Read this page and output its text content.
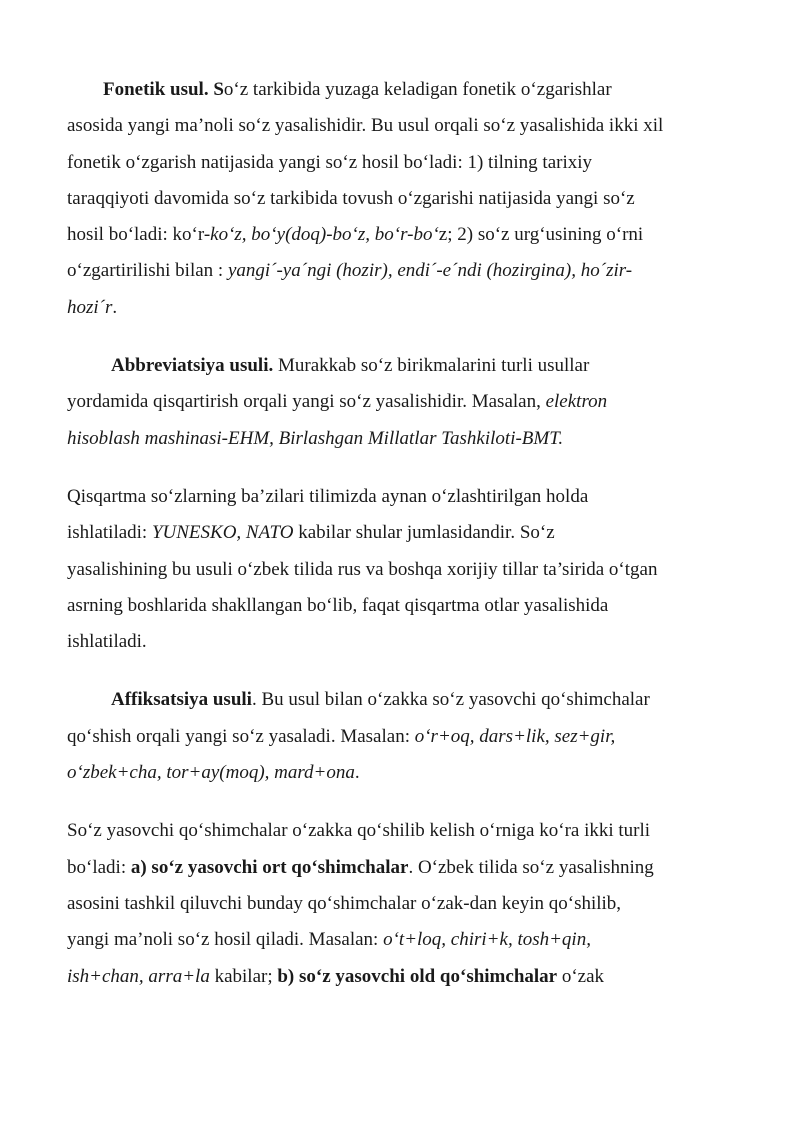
Fonetik usul. So‘z tarkibida yuzaga keladigan fonetik o‘zgarishlar
asosida yangi ma’noli so‘z yasalishidir. Bu usul orqali so‘z yasalishida ikki xil
fonetik o‘zgarish natijasida yangi so‘z hosil bo‘ladi: 1) tilning tarixiy
taraqqiyoti davomida so‘z tarkibida tovush o‘zgarishi natijasida yangi so‘z
hosil bo‘ladi: ko‘r-ko‘z, bo‘y(doq)-bo‘z, bo‘r-bo‘z; 2) so‘z urg‘usining o‘rni
o‘zgartirilishi bilan : yangi´-ya´ngi (hozir), endi´-e´ndi (hozirgina), ho´zir-
hozi´r.
Abbreviatsiya usuli. Murakkab so‘z birikmalarini turli usullar
yordamida qisqartirish orqali yangi so‘z yasalishidir. Masalan, elektron
hisoblash mashinasi-EHM, Birlashgan Millatlar Tashkiloti-BMT.
Qisqartma so‘zlarning ba’zilari tilimizda aynan o‘zlashtirilgan holda
ishlatiladi: YUNESKO, NATO kabilar shular jumlasidandir. So‘z
yasalishining bu usuli o‘zbek tilida rus va boshqa xorijiy tillar ta’sirida o‘tgan
asrning boshlarida shakllangan bo‘lib, faqat qisqartma otlar yasalishida
ishlatiladi.
Affiksatsiya usuli. Bu usul bilan o‘zakka so‘z yasovchi qo‘shimchalar
qo‘shish orqali yangi so‘z yasaladi. Masalan: o‘r+oq, dars+lik, sez+gir,
o‘zbek+cha, tor+ay(moq), mard+ona.
So‘z yasovchi qo‘shimchalar o‘zakka qo‘shilib kelish o‘rniga ko‘ra ikki turli
bo‘ladi: a) so‘z yasovchi ort qo‘shimchalar. O‘zbek tilida so‘z yasalishning
asosini tashkil qiluvchi bunday qo‘shimchalar o‘zak-dan keyin qo‘shilib,
yangi ma’noli so‘z hosil qiladi. Masalan: o‘t+loq, chiri+k, tosh+qin,
ish+chan, arra+la kabilar; b) so‘z yasovchi old qo‘shimchalar o‘zak
